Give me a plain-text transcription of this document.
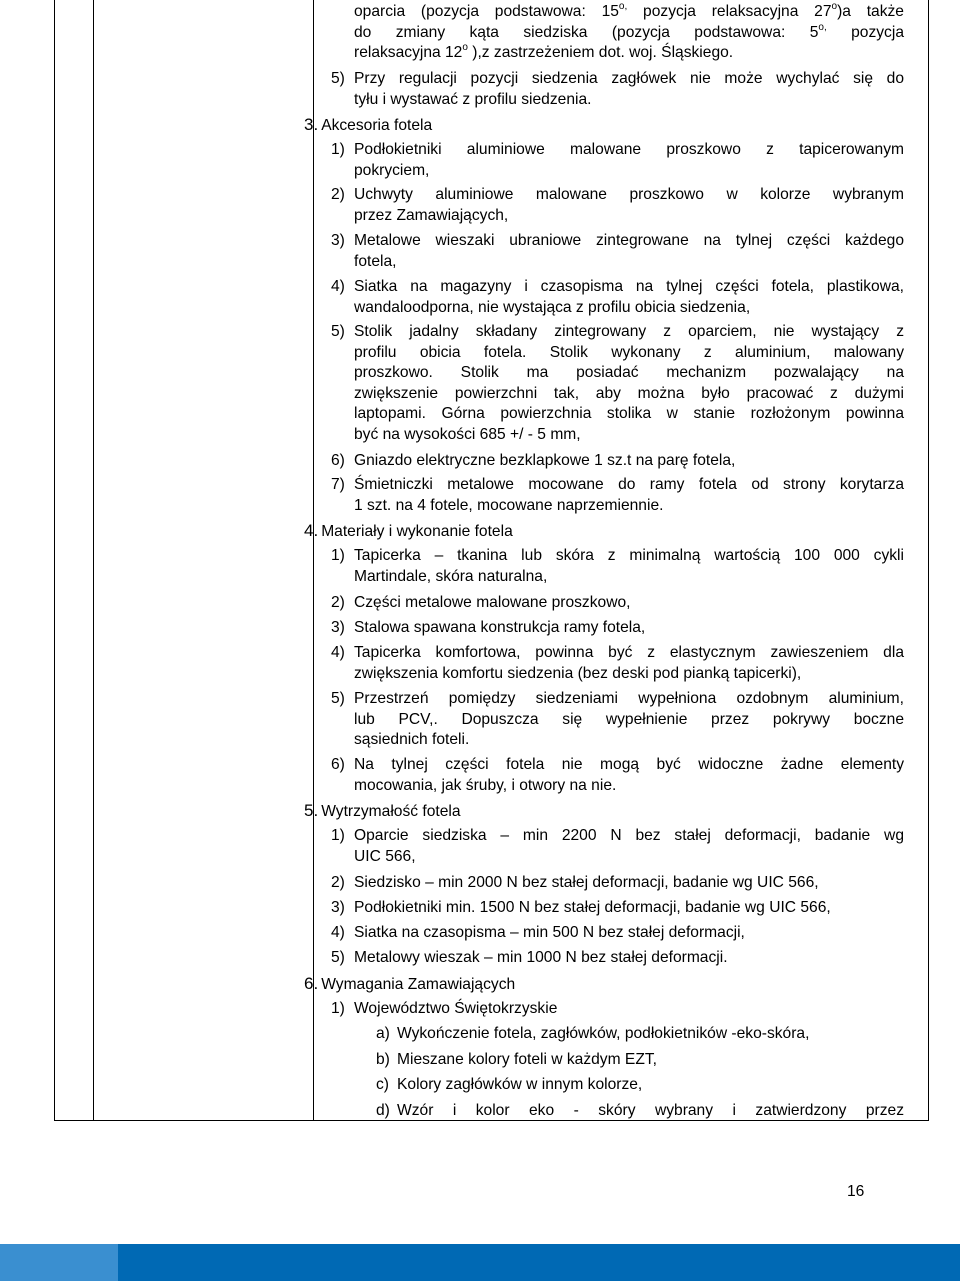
oparcia (pozycja podstawowa: $15^{o,}$ pozycja relaksacyjna 27$^o$)a także
do zmiany kąta siedziska (pozycja podstawowa: $5^{o,}$ pozycja
relaksacyjna 12$^o$ ),z zastrzeżeniem dot. woj. Śląskiego.
5) Przy regulacji pozycji siedzenia zagłówek nie może wychylać się do
tyłu i wystawać z profilu siedzenia.
3. Akcesoria fotela
1) Podłokietniki aluminiowe malowane proszkowo z tapicerowanym
pokryciem,
2) Uchwyty aluminiowe malowane proszkowo w kolorze wybranym
przez Zamawiających,
3) Metalowe wieszaki ubraniowe zintegrowane na tylnej części każdego
fotela,
4) Siatka na magazyny i czasopisma na tylnej części fotela, plastikowa,
wandaloodporna, nie wystająca z profilu obicia siedzenia,
5) Stolik jadalny składany zintegrowany z oparciem, nie wystający z
profilu obicia fotela. Stolik wykonany z aluminium, malowany
proszkowo. Stolik ma posiadać mechanizm pozwalający na
zwiększenie powierzchni tak, aby można było pracować z dużymi
laptopami. Górna powierzchnia stolika w stanie rozłożonym powinna
być na wysokości 685 +/ - 5 mm,
6) Gniazdo elektryczne bezklapkowe 1 sz.t na parę fotela,
7) Śmietniczki metalowe mocowane do ramy fotela od strony korytarza
1 szt. na 4 fotele, mocowane naprzemiennie.
4. Materiały i wykonanie fotela
1) Tapicerka – tkanina lub skóra z minimalną wartością 100 000 cykli
Martindale, skóra naturalna,
2) Części metalowe malowane proszkowo,
3) Stalowa spawana konstrukcja ramy fotela,
4) Tapicerka komfortowa, powinna być z elastycznym zawieszeniem dla
zwiększenia komfortu siedzenia (bez deski pod pianką tapicerki),
5) Przestrzeń pomiędzy siedzeniami wypełniona ozdobnym aluminium,
lub PCV,. Dopuszcza się wypełnienie przez pokrywy boczne
sąsiednich foteli.
6) Na tylnej części fotela nie mogą być widoczne żadne elementy
mocowania, jak śruby, i otwory na nie.
5. Wytrzymałość fotela
1) Oparcie siedziska – min 2200 N bez stałej deformacji, badanie wg
UIC 566,
2) Siedzisko – min 2000 N bez stałej deformacji, badanie wg UIC 566,
3) Podłokietniki min. 1500 N bez stałej deformacji, badanie wg UIC 566,
4) Siatka na czasopisma – min 500 N bez stałej deformacji,
5) Metalowy wieszak – min 1000 N bez stałej deformacji.
6. Wymagania Zamawiających
1) Województwo Świętokrzyskie
a) Wykończenie fotela, zagłówków, podłokietników -eko-skóra,
b) Mieszane kolory foteli w każdym EZT,
c) Kolory zagłówków w innym kolorze,
d) Wzór i kolor eko - skóry wybrany i zatwierdzony przez
16
